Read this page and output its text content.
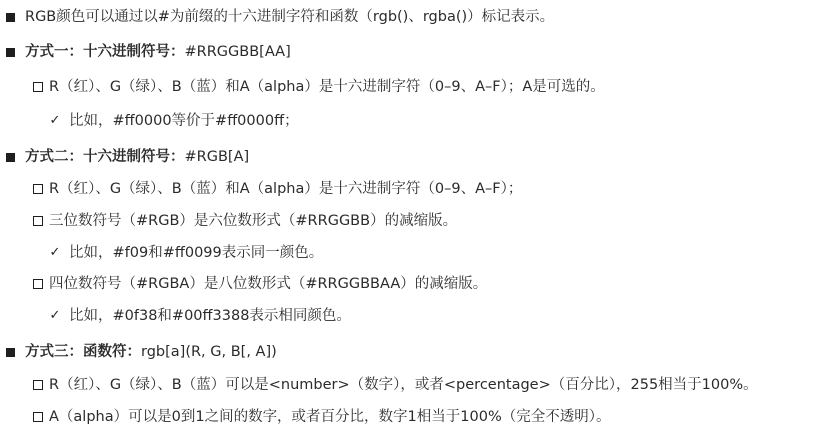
RGB颜色可以通过以#为前缀的十六进制字符和函数（rgb()、rgba()）标记表示。
方式一：十六进制符号： #RRGGBB[AA]
R（红）、G（绿）、B（蓝）和A（alpha）是十六进制字符（0–9、A–F）；A是可选的。
✓ 比如，#ff0000等价于#ff0000ff；
方式二：十六进制符号： #RGB[A]
R（红）、G（绿）、B（蓝）和A（alpha）是十六进制字符（0–9、A–F）；
三位数符号（#RGB）是六位数形式（#RRGGBB）的减缩版。
✓ 比如，#f09和#ff0099表示同一颜色。
四位数符号（#RGBA）是八位数形式（#RRGGBBAA）的减缩版。
✓ 比如，#0f38和#00ff3388表示相同颜色。
方式三：函数符： rgb[a](R, G, B[, A])
R（红）、G（绿）、B（蓝）可以是<number>（数字），或者<percentage>（百分比），255相当于100%。
A（alpha）可以是0到1之间的数字，或者百分比，数字1相当于100%（完全不透明）。
